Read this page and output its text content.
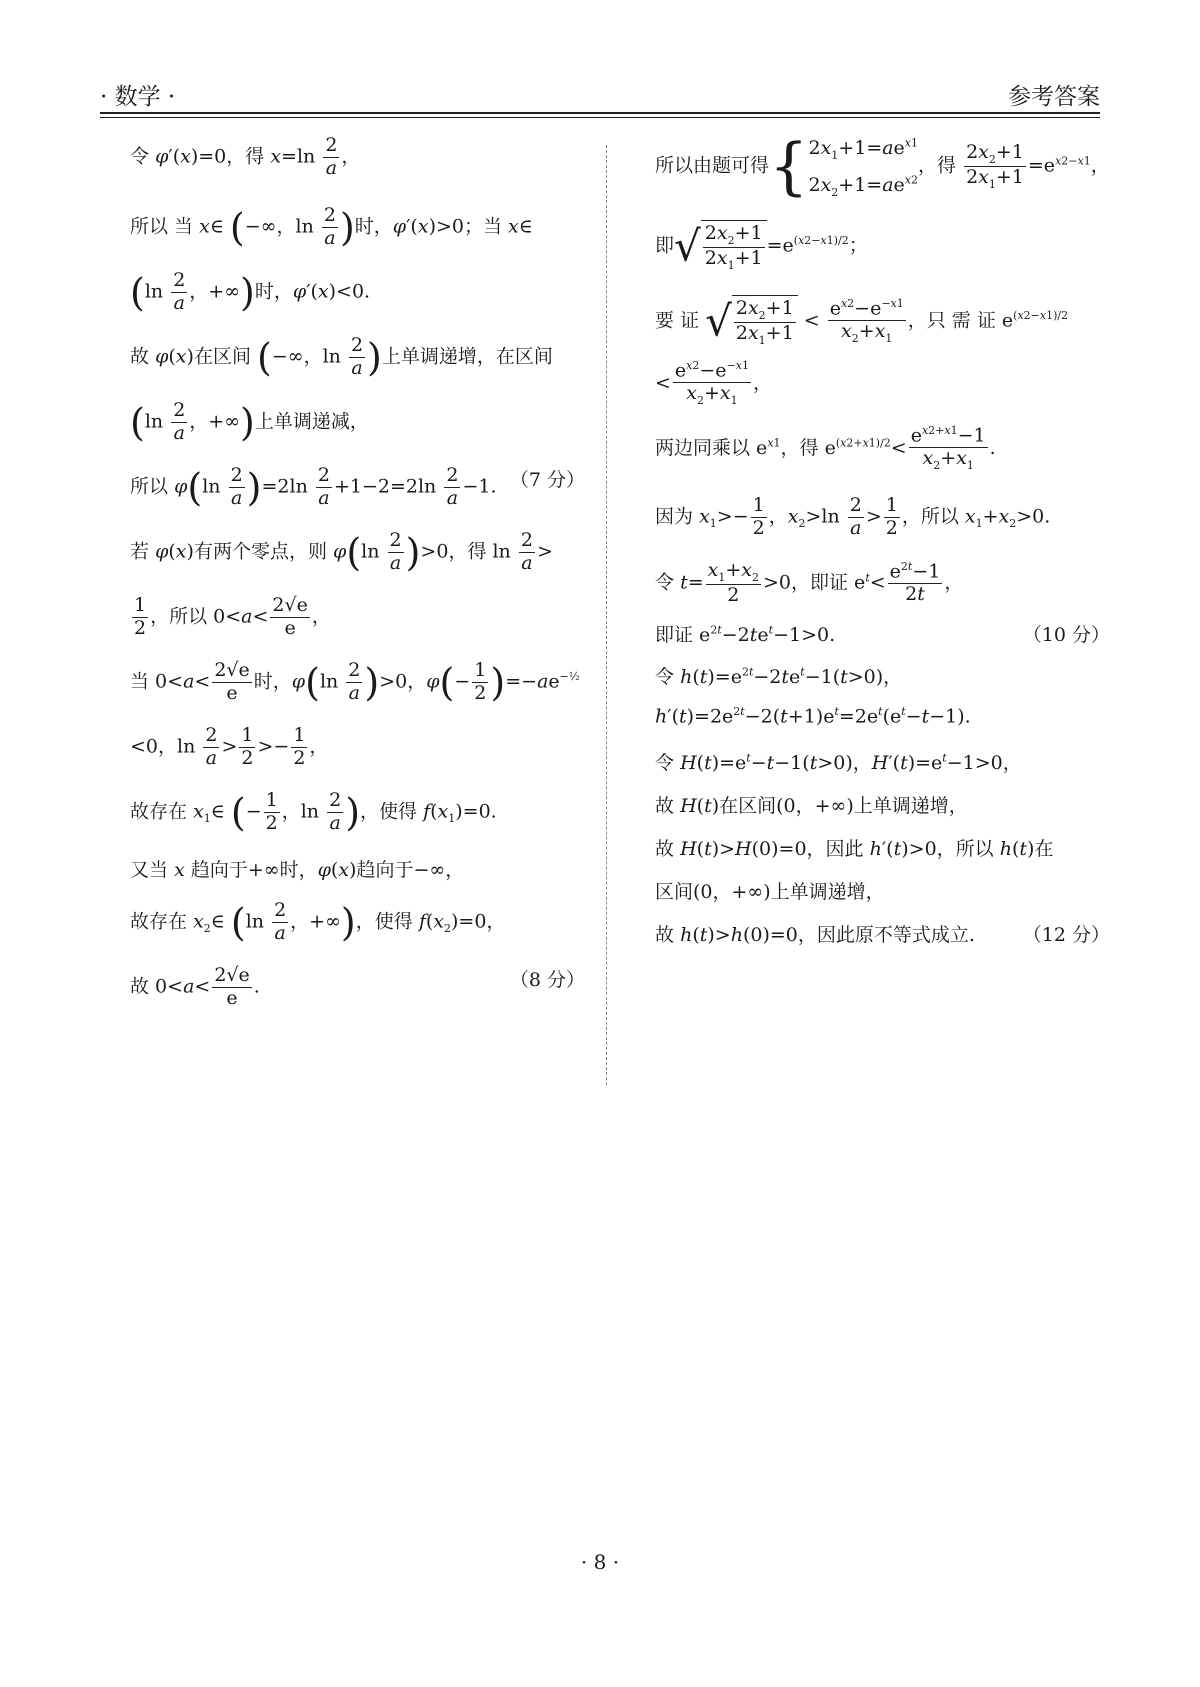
· 数学 ·	参考答案
令 φ′(x)=0，得 $x=\ln \frac{2}{a}$ ，
所以 当 x∈ (−∞，$\ln \frac{2}{a}$ )时，φ′(x)>0；当 x∈
($\ln \frac{2}{a}$ ，+∞)时，φ′(x)<0.
故 φ(x)在区间 (−∞，$\ln \frac{2}{a}$ )上单调递增，在区间
($\ln \frac{2}{a}$ ，+∞)上单调递减，
所以 $\varphi(\ln \frac{2}{a} )=2\ln \frac{2}{a} +1-2=2\ln \frac{2}{a} -1$. （7 分）
若 φ(x)有两个零点，则 $\varphi(\ln \frac{2}{a} )>0$，得 $\ln \frac{2}{a}$ >
$\frac{1}{2}$ ，所以 $0<a< \frac{2√e}{e}$ ，
当 $0<a< \frac{2√e}{e}$ 时，$\varphi(\ln \frac{2}{a} )>0$，$\varphi(- \frac{1}{2} )=-ae^{-\frac{1}{2}}$
<0，$\ln \frac{2}{a} > \frac{1}{2} >- \frac{1}{2}$ ，
故存在 $x_1\in$ (− $\frac{1}{2}$ ，$\ln \frac{2}{a}$ )，使得 $f(x_1)=0$.
又当 x 趋向于+∞时，φ(x)趋向于−∞，
故存在 $x_2\in$ ($\ln \frac{2}{a}$ ，+∞)，使得 $f(x_2)=0$，
故 $0<a< \frac{2√e}{e}$ .	（8 分）
所以由题可得{$2x_1+1=ae^{x1}$
$2x_2+1=ae^{x2}$，得 $\frac{2x_2+1}{2x_1+1} =e^{x2-x1}$，
即√ $\frac{2x_2+1}{2x_1+1} =e^{(x2-x1)/2}$；
要 证 √ $\frac{2x_2+1}{2x_1+1} < \frac{e^{x2}-e^{-x1}}{x_2+x_1}$ ，只 需 证 $e^{(x2-x1)/2}$
< $\frac{e^{x2}-e^{-x1}}{x_2+x_1}$ ，
两边同乘以 $e^{x1}$，得 $e^{(x2+x1)/2}< \frac{e^{x2+x1}-1}{x_2+x_1}$ .
因为 $x_1>- \frac{1}{2}$ ，$x_2>\ln \frac{2}{a} > \frac{1}{2}$ ，所以 $x_1+x_2>0$.
令 $t= \frac{x_1+x_2}{2} >0$，即证 $e^t< \frac{e^{2t}-1}{2t}$ ，
即证 $e^{2t}-2te^t-1>0$.	（10 分）
令 $h(t)=e^{2t}-2te^t-1(t>0)$，
$h'(t)=2e^{2t}-2(t+1)e^t=2e^t(e^t-t-1)$.
令 $H(t)=e^t-t-1(t>0)$，$H'(t)=e^t-1>0$，
故 H(t)在区间(0，+∞)上单调递增，
故 H(t)>H(0)=0，因此 h′(t)>0，所以 h(t)在
区间(0，+∞)上单调递增，
故 h(t)>h(0)=0，因此原不等式成立.	（12 分）
· 8 ·
